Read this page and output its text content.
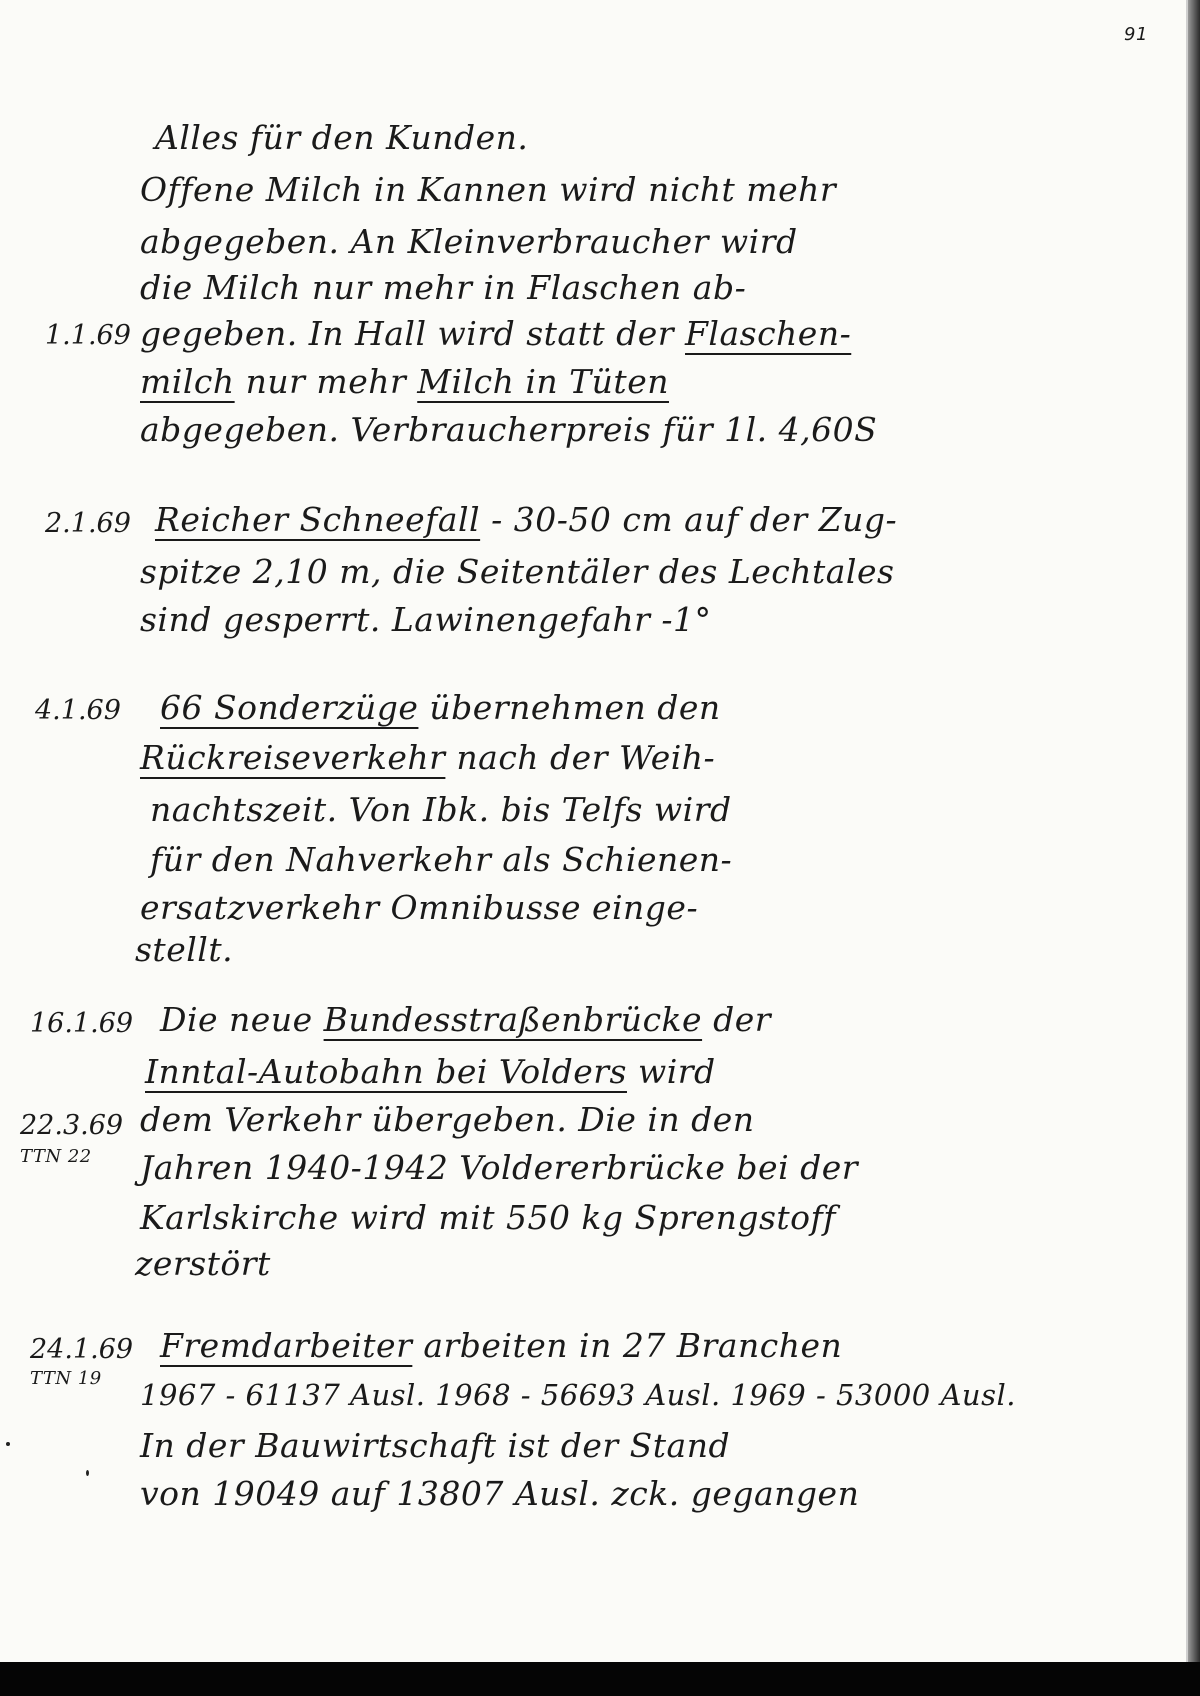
91
Alles für den Kunden.
Offene Milch in Kannen wird nicht mehr
abgegeben. An Kleinverbraucher wird
die Milch nur mehr in Flaschen ab-
1.1.69 gegeben. In Hall wird statt der Flaschen-
milch nur mehr Milch in Tüten
abgegeben. Verbraucherpreis für 1l. 4,60S
2.1.69 Reicher Schneefall - 30-50 cm auf der Zug-
spitze 2,10 m, die Seitentäler des Lechtales
sind gesperrt. Lawinengefahr -1°
4.1.69 66 Sonderzüge übernehmen den
Rückreiseverkehr nach der Weih-
nachtszeit. Von Ibk. bis Telfs wird
für den Nahverkehr als Schienen-
ersatzverkehr Omnibusse einge-
stellt.
16.1.69 Die neue Bundesstraßenbrücke der
Inntal-Autobahn bei Volders wird
22.3.69
TTN 22
dem Verkehr übergeben. Die in den
Jahren 1940-1942 Voldererbrücke bei der
Karlskirche wird mit 550 kg Sprengstoff
zerstört
24.1.69
TTN 19
Fremdarbeiter arbeiten in 27 Branchen
1967 - 61137 Ausl. 1968 - 56693 Ausl. 1969 - 53000 Ausl.
In der Bauwirtschaft ist der Stand
von 19049 auf 13807 Ausl. zck. gegangen
